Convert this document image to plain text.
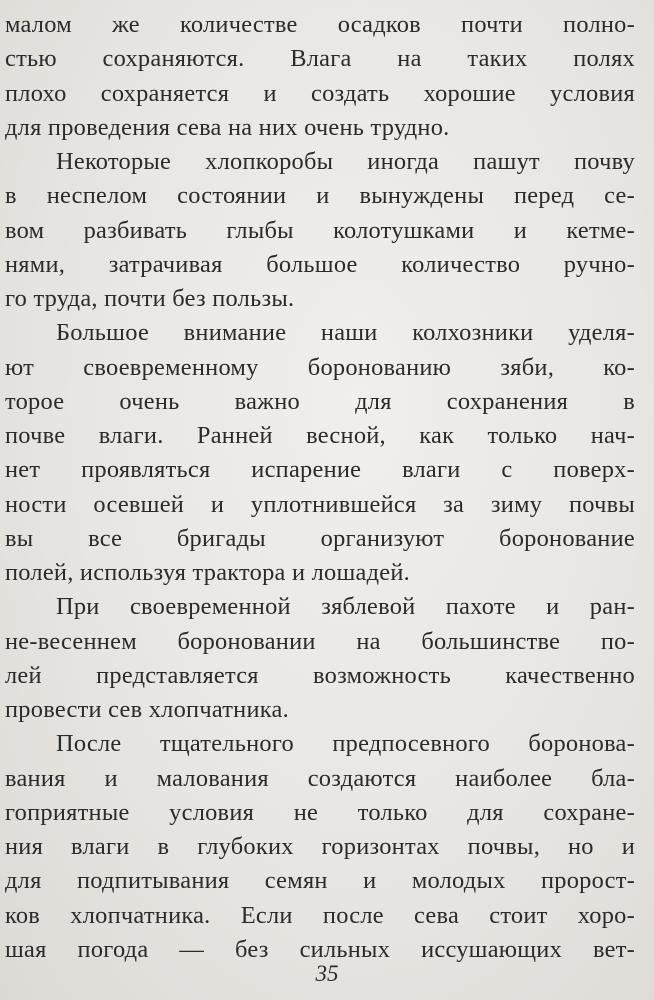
малом же количестве осадков почти полно-
стью сохраняются. Влага на таких полях
плохо сохраняется и создать хорошие условия
для проведения сева на них очень трудно.
Некоторые хлопкоробы иногда пашут почву
в неспелом состоянии и вынуждены перед се-
вом разбивать глыбы колотушками и кетме-
нями, затрачивая большое количество ручно-
го труда, почти без пользы.
Большое внимание наши колхозники уделя-
ют своевременному боронованию зяби, ко-
торое очень важно для сохранения в
почве влаги. Ранней весной, как только нач-
нет проявляться испарение влаги с поверх-
ности осевшей и уплотнившейся за зиму почвы
вы все бригады организуют боронование
полей, используя трактора и лошадей.
При своевременной зяблевой пахоте и ран-
не-весеннем бороновании на большинстве по-
лей представляется возможность качественно
провести сев хлопчатника.
После тщательного предпосевного боронова-
вания и малования создаются наиболее бла-
гоприятные условия не только для сохране-
ния влаги в глубоких горизонтах почвы, но и
для подпитывания семян и молодых пророст-
ков хлопчатника. Если после сева стоит хоро-
шая погода — без сильных иссушающих вет-
35
